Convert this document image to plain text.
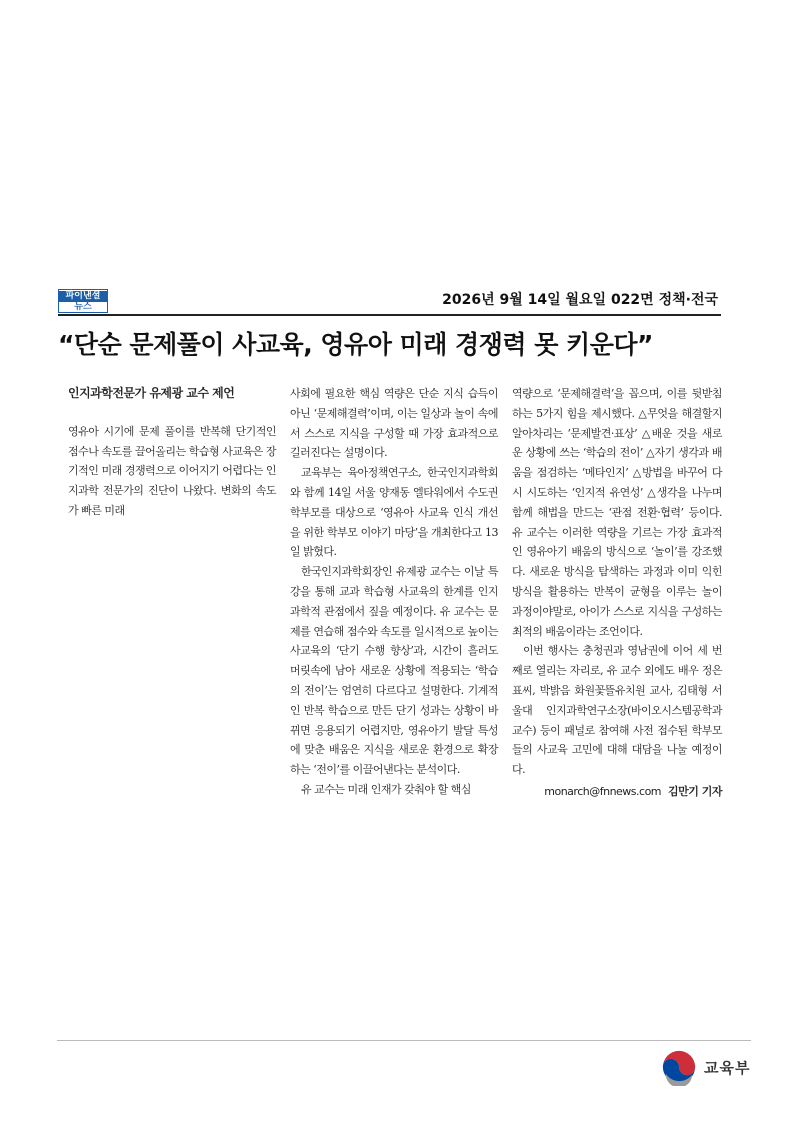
파이낸셜
뉴스	2026년 9월 14일 월요일 022면 정책·전국
“단순 문제풀이 사교육, 영유아 미래 경쟁력 못 키운다”

인지과학전문가 유제광 교수 제언

영유아 시기에 문제 풀이를 반복해 단기적인 점수나 속도를 끌어올리는 학습형 사교육은 장기적인 미래 경쟁력으로 이어지기 어렵다는 인지과학 전문가의 진단이 나왔다. 변화의 속도가 빠른 미래

사회에 필요한 핵심 역량은 단순 지식 습득이 아닌 ‘문제해결력’이며, 이는 일상과 놀이 속에서 스스로 지식을 구성할 때 가장 효과적으로 길러진다는 설명이다.

교육부는 육아정책연구소, 한국인지과학회와 함께 14일 서울 양재동 엘타워에서 수도권 학부모를 대상으로 ‘영유아 사교육 인식 개선을 위한 학부모 이야기 마당’을 개최한다고 13일 밝혔다.

한국인지과학회장인 유제광 교수는 이날 특강을 통해 교과 학습형 사교육의 한계를 인지과학적 관점에서 짚을 예정이다. 유 교수는 문제를 연습해 점수와 속도를 일시적으로 높이는 사교육의 ‘단기 수행 향상’과, 시간이 흘러도 머릿속에 남아 새로운 상황에 적용되는 ‘학습의 전이’는 엄연히 다르다고 설명한다. 기계적인 반복 학습으로 만든 단기 성과는 상황이 바뀌면 응용되기 어렵지만, 영유아기 발달 특성에 맞춘 배움은 지식을 새로운 환경으로 확장하는 ‘전이’를 이끌어낸다는 분석이다.

유 교수는 미래 인재가 갖춰야 할 핵심

역량으로 ‘문제해결력’을 꼽으며, 이를 뒷받침하는 5가지 힘을 제시했다. △무엇을 해결할지 알아차리는 ‘문제발견·표상’ △배운 것을 새로운 상황에 쓰는 ‘학습의 전이’ △자기 생각과 배움을 점검하는 ‘메타인지’ △방법을 바꾸어 다시 시도하는 ‘인지적 유연성’ △생각을 나누며 함께 해법을 만드는 ‘관점 전환·협력’ 등이다. 유 교수는 이러한 역량을 기르는 가장 효과적인 영유아기 배움의 방식으로 ‘놀이’를 강조했다. 새로운 방식을 탐색하는 과정과 이미 익힌 방식을 활용하는 반복이 균형을 이루는 놀이 과정이야말로, 아이가 스스로 지식을 구성하는 최적의 배움이라는 조언이다.

이번 행사는 충청권과 영남권에 이어 세 번째로 열리는 자리로, 유 교수 외에도 배우 정은표씨, 박밝음 화원꽃뜰유치원 교사, 김태형 서울대 인지과학연구소장(바이오시스템공학과 교수) 등이 패널로 참여해 사전 접수된 학부모들의 사교육 고민에 대해 대담을 나눌 예정이다.

monarch@fnnews.com 김만기 기자

교육부
